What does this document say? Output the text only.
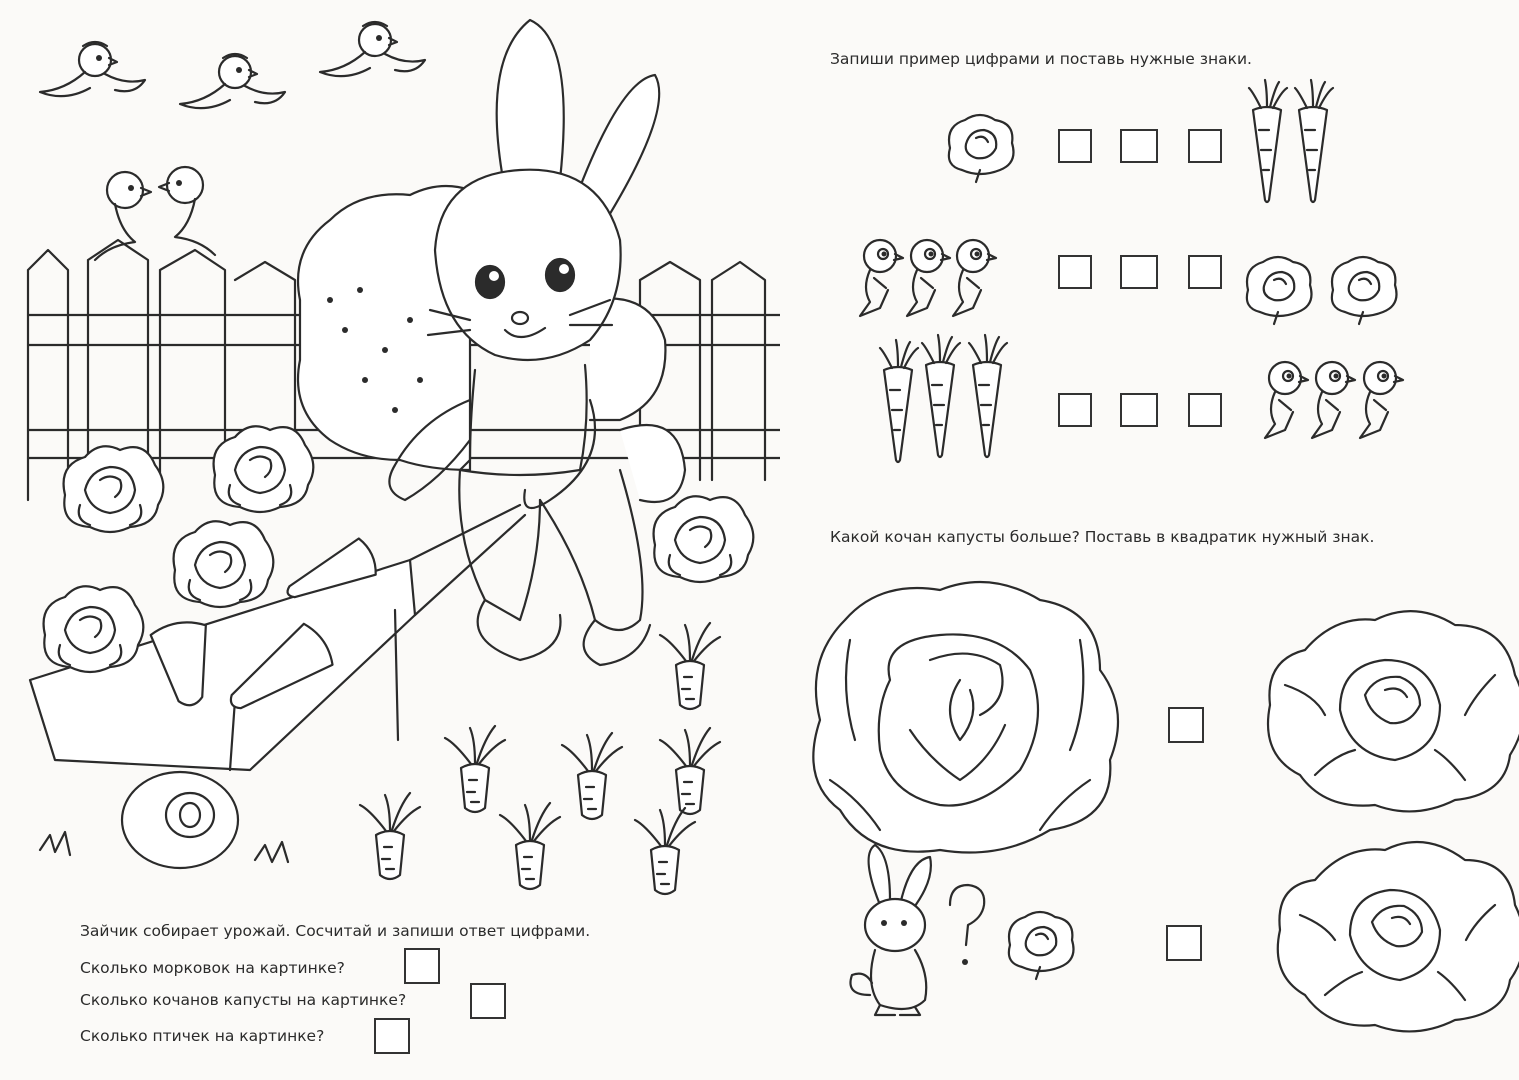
Зайчик собирает урожай. Сосчитай и запиши ответ цифрами.
Сколько морковок на картинке?
Сколько кочанов капусты на картинке?
Сколько птичек на картинке?
Запиши пример цифрами и поставь нужные знаки.
Какой кочан капусты больше? Поставь в квадратик нужный знак.
